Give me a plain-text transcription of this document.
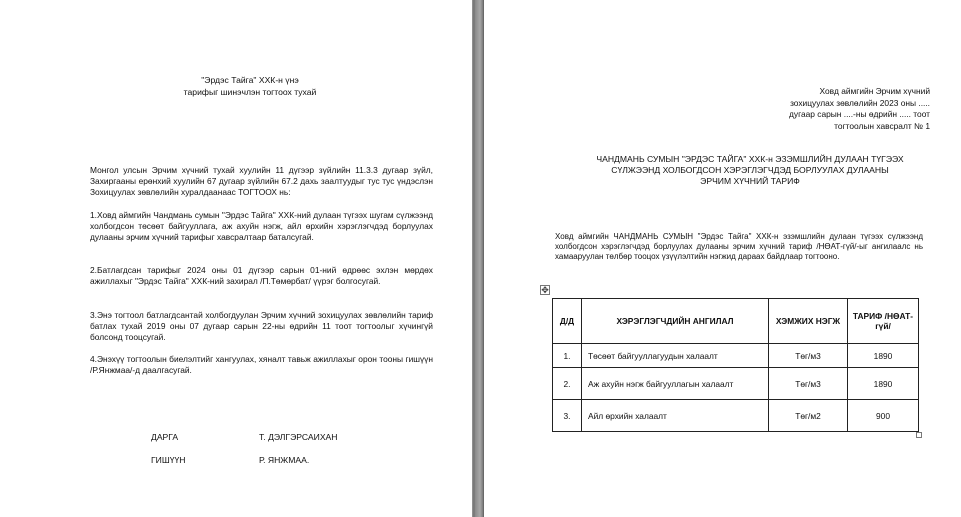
"Эрдэс Тайга" ХХК-н үнэ
тарифыг шинэчлэн тогтоох тухай
Монгол улсын Эрчим хүчний тухай хуулийн 11 дүгээр зүйлийн 11.3.3 дугаар зүйл, Захиргааны ерөнхий хуулийн 67 дугаар зүйлийн 67.2 дахь заалтуудыг тус тус үндэслэн Зохицуулах зөвлөлийн хуралдаанаас ТОГТООХ нь:
1.Ховд аймгийн Чандмань сумын "Эрдэс Тайга" ХХК-ний дулаан түгээх шугам сүлжээнд холбогдсон төсөөт байгууллага, аж ахуйн нэгж, айл өрхийн хэрэглэгчдэд борлуулах дулааны эрчим хүчний тарифыг хавсралтаар баталсугай.
2.Батлагдсан тарифыг 2024 оны 01 дүгээр сарын 01-ний өдрөөс эхлэн мөрдөх ажиллахыг "Эрдэс Тайга" ХХК-ний захирал /П.Төмөрбат/ үүрэг болгосугай.
3.Энэ тогтоол батлагдсантай холбогдуулан Эрчим хүчний зохицуулах зөвлөлийн тариф батлах тухай 2019 оны 07 дугаар сарын 22-ны өдрийн 11 тоот тогтоолыг хүчингүй болсонд тооцсугай.
4.Энэхүү тогтоолын биелэлтийг хангуулах, хяналт тавьж ажиллахыг орон тооны гишүүн /Р.Янжмаа/-д даалгасугай.
ДАРГА	Т. ДЭЛГЭРСАИХАН
ГИШҮҮН	Р. ЯНЖМАА.
Ховд аймгийн Эрчим хүчний
зохицуулах зөвлөлийн 2023 оны .....
дугаар сарын ....-ны өдрийн ..... тоот
тогтоолын хавсралт № 1
ЧАНДМАНЬ СУМЫН "ЭРДЭС ТАЙГА" ХХК-н ЭЗЭМШЛИЙН ДУЛААН ТҮГЭЭХ
СҮЛЖЭЭНД ХОЛБОГДСОН ХЭРЭГЛЭГЧДЭД БОРЛУУЛАХ ДУЛААНЫ
ЭРЧИМ ХҮЧНИЙ ТАРИФ
Ховд аймгийн ЧАНДМАНЬ СУМЫН "Эрдэс Тайга" ХХК-н эзэмшлийн дулаан түгээх сүлжээнд холбогдсон хэрэглэгчдэд борлуулах дулааны эрчим хүчний тариф /НӨАТ-гүй/-ыг ангилаалс нь хамааруулан төлбөр тооцох үзүүлэлтийн нэгжид дараах байдлаар тогтооно.
✥
Д/Д	ХЭРЭГЛЭГЧДИЙН АНГИЛАЛ	ХЭМЖИХ НЭГЖ	ТАРИФ /НӨАТ-гүй/
1.	Төсөөт байгууллагуудын халаалт	Төг/м3	1890
2.	Аж ахуйн нэгж байгууллагын халаалт	Төг/м3	1890
3.	Айл өрхийн халаалт	Төг/м2	900
